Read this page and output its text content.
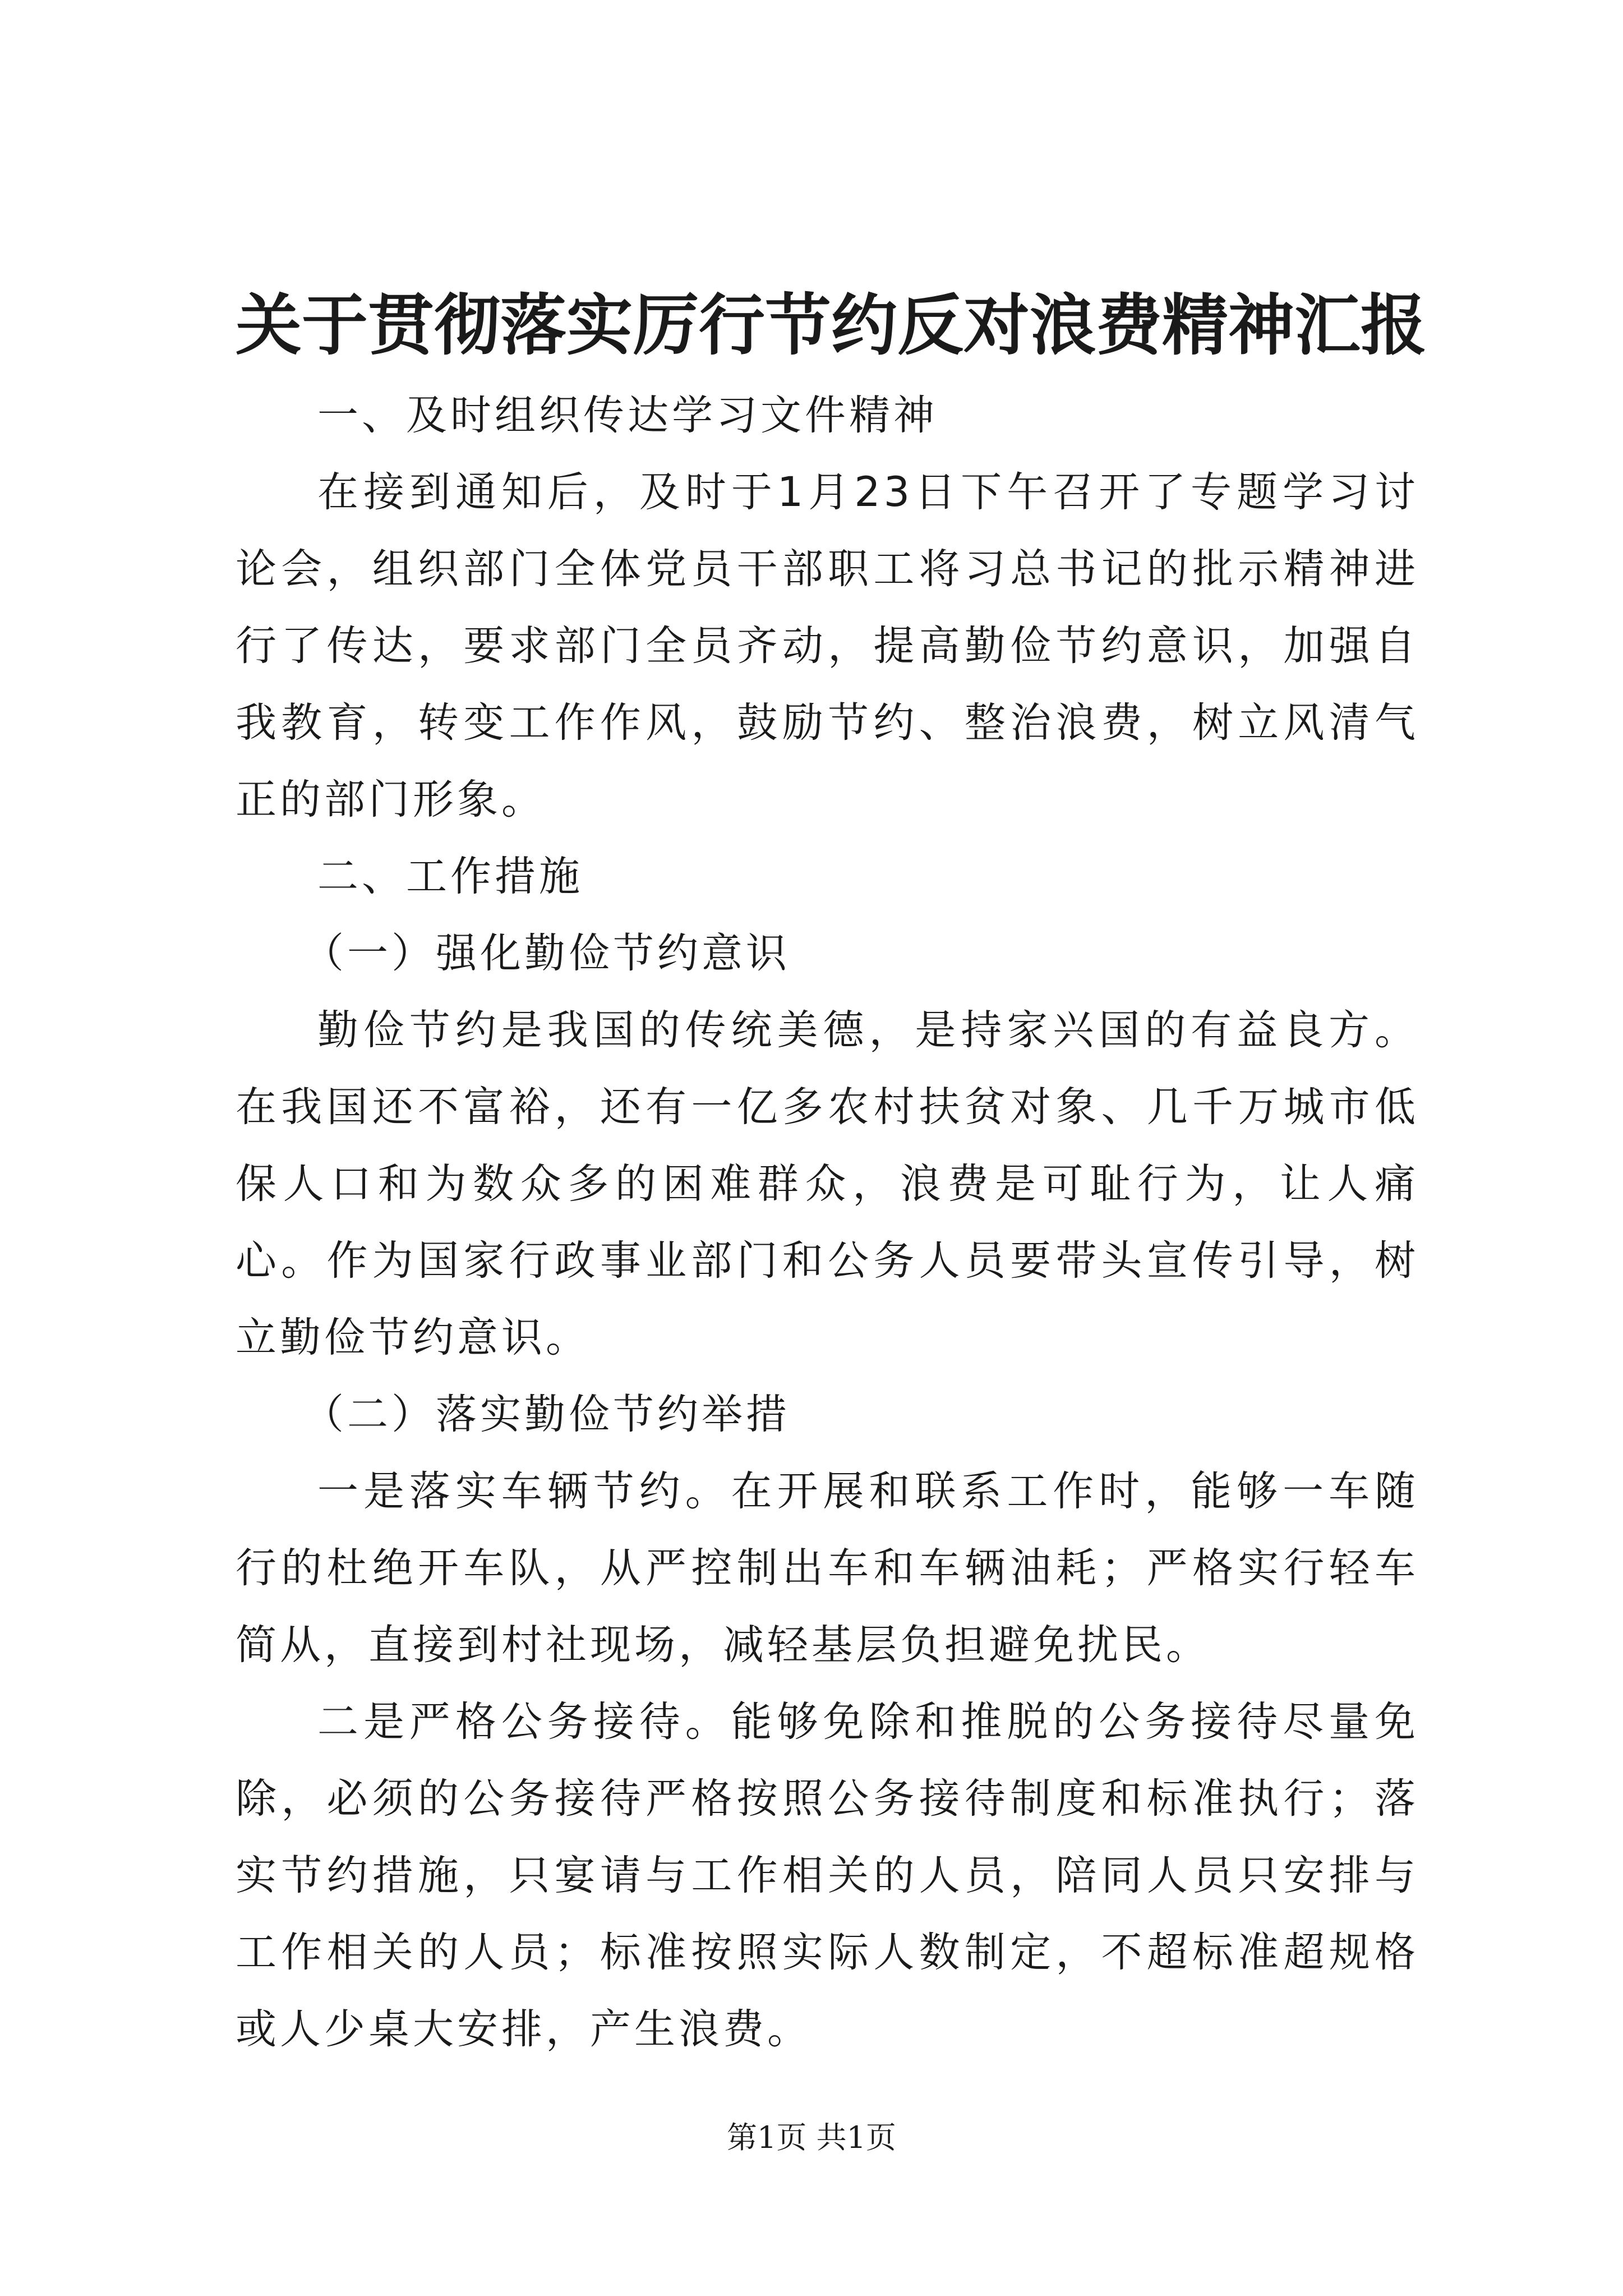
关于贯彻落实厉行节约反对浪费精神汇报

一、及时组织传达学习文件精神

在接到通知后，及时于1月23日下午召开了专题学习讨论会，组织部门全体党员干部职工将习总书记的批示精神进行了传达，要求部门全员齐动，提高勤俭节约意识，加强自我教育，转变工作作风，鼓励节约、整治浪费，树立风清气正的部门形象。

二、工作措施

（一）强化勤俭节约意识

勤俭节约是我国的传统美德，是持家兴国的有益良方。在我国还不富裕，还有一亿多农村扶贫对象、几千万城市低保人口和为数众多的困难群众，浪费是可耻行为，让人痛心。作为国家行政事业部门和公务人员要带头宣传引导，树立勤俭节约意识。

（二）落实勤俭节约举措

一是落实车辆节约。在开展和联系工作时，能够一车随行的杜绝开车队，从严控制出车和车辆油耗；严格实行轻车简从，直接到村社现场，减轻基层负担避免扰民。

二是严格公务接待。能够免除和推脱的公务接待尽量免除，必须的公务接待严格按照公务接待制度和标准执行；落实节约措施，只宴请与工作相关的人员，陪同人员只安排与工作相关的人员；标准按照实际人数制定，不超标准超规格或人少桌大安排，产生浪费。

第1页 共1页
